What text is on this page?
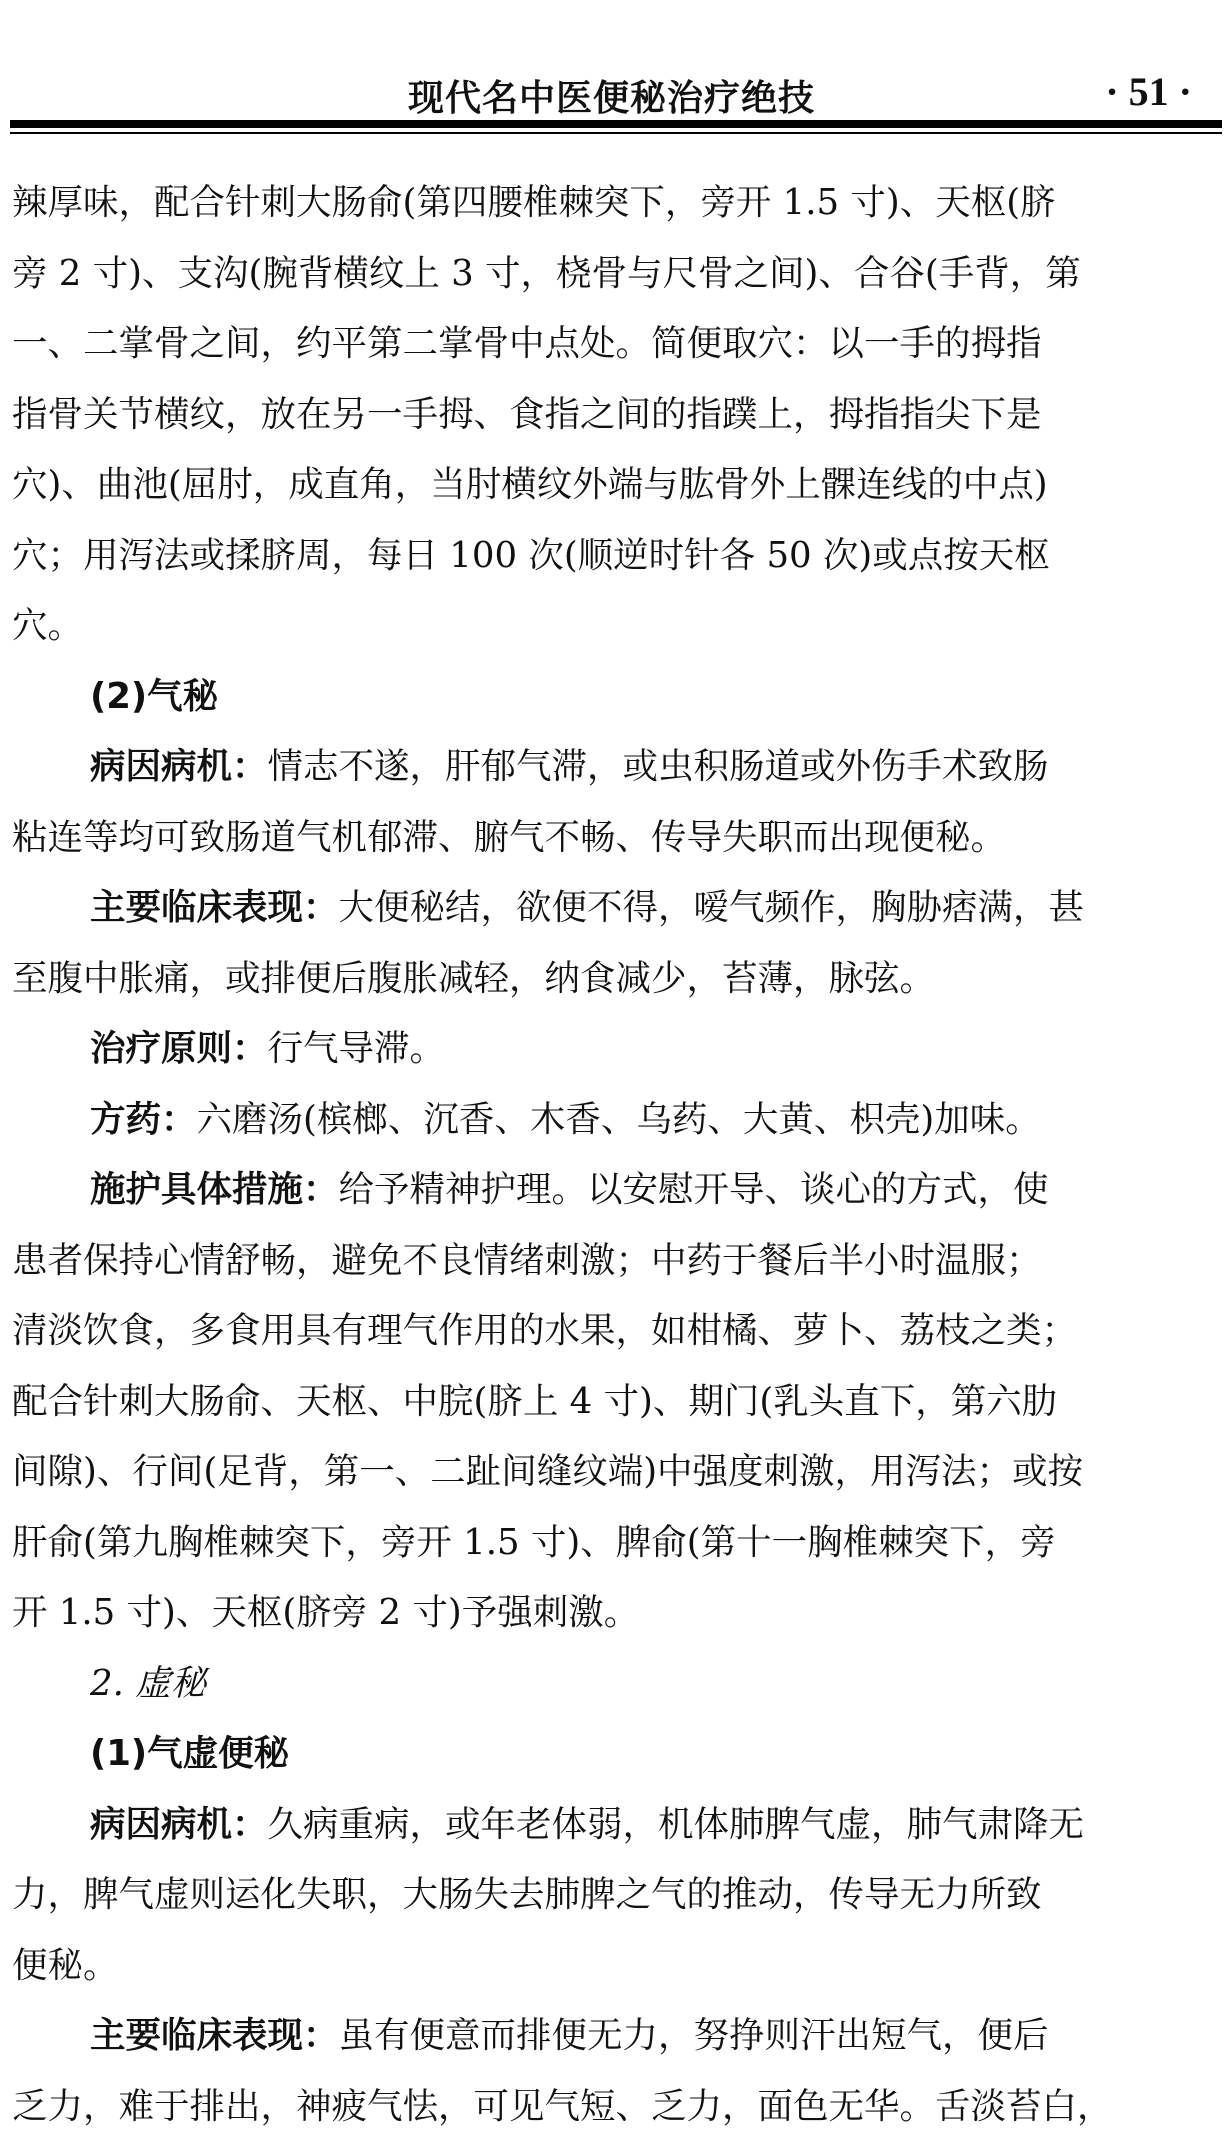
现代名中医便秘治疗绝技	· 51 ·
辣厚味，配合针刺大肠俞(第四腰椎棘突下，旁开 1.5 寸)、天枢(脐
旁 2 寸)、支沟(腕背横纹上 3 寸，桡骨与尺骨之间)、合谷(手背，第
一、二掌骨之间，约平第二掌骨中点处。简便取穴：以一手的拇指
指骨关节横纹，放在另一手拇、食指之间的指蹼上，拇指指尖下是
穴)、曲池(屈肘，成直角，当肘横纹外端与肱骨外上髁连线的中点)
穴；用泻法或揉脐周，每日 100 次(顺逆时针各 50 次)或点按天枢
穴。
(2)气秘
病因病机：情志不遂，肝郁气滞，或虫积肠道或外伤手术致肠
粘连等均可致肠道气机郁滞、腑气不畅、传导失职而出现便秘。
主要临床表现：大便秘结，欲便不得，嗳气频作，胸胁痞满，甚
至腹中胀痛，或排便后腹胀减轻，纳食减少，苔薄，脉弦。
治疗原则：行气导滞。
方药：六磨汤(槟榔、沉香、木香、乌药、大黄、枳壳)加味。
施护具体措施：给予精神护理。以安慰开导、谈心的方式，使
患者保持心情舒畅，避免不良情绪刺激；中药于餐后半小时温服；
清淡饮食，多食用具有理气作用的水果，如柑橘、萝卜、荔枝之类；
配合针刺大肠俞、天枢、中脘(脐上 4 寸)、期门(乳头直下，第六肋
间隙)、行间(足背，第一、二趾间缝纹端)中强度刺激，用泻法；或按
肝俞(第九胸椎棘突下，旁开 1.5 寸)、脾俞(第十一胸椎棘突下，旁
开 1.5 寸)、天枢(脐旁 2 寸)予强刺激。
2. 虚秘
(1)气虚便秘
病因病机：久病重病，或年老体弱，机体肺脾气虚，肺气肃降无
力，脾气虚则运化失职，大肠失去肺脾之气的推动，传导无力所致
便秘。
主要临床表现：虽有便意而排便无力，努挣则汗出短气，便后
乏力，难于排出，神疲气怯，可见气短、乏力，面色无华。舌淡苔白，
